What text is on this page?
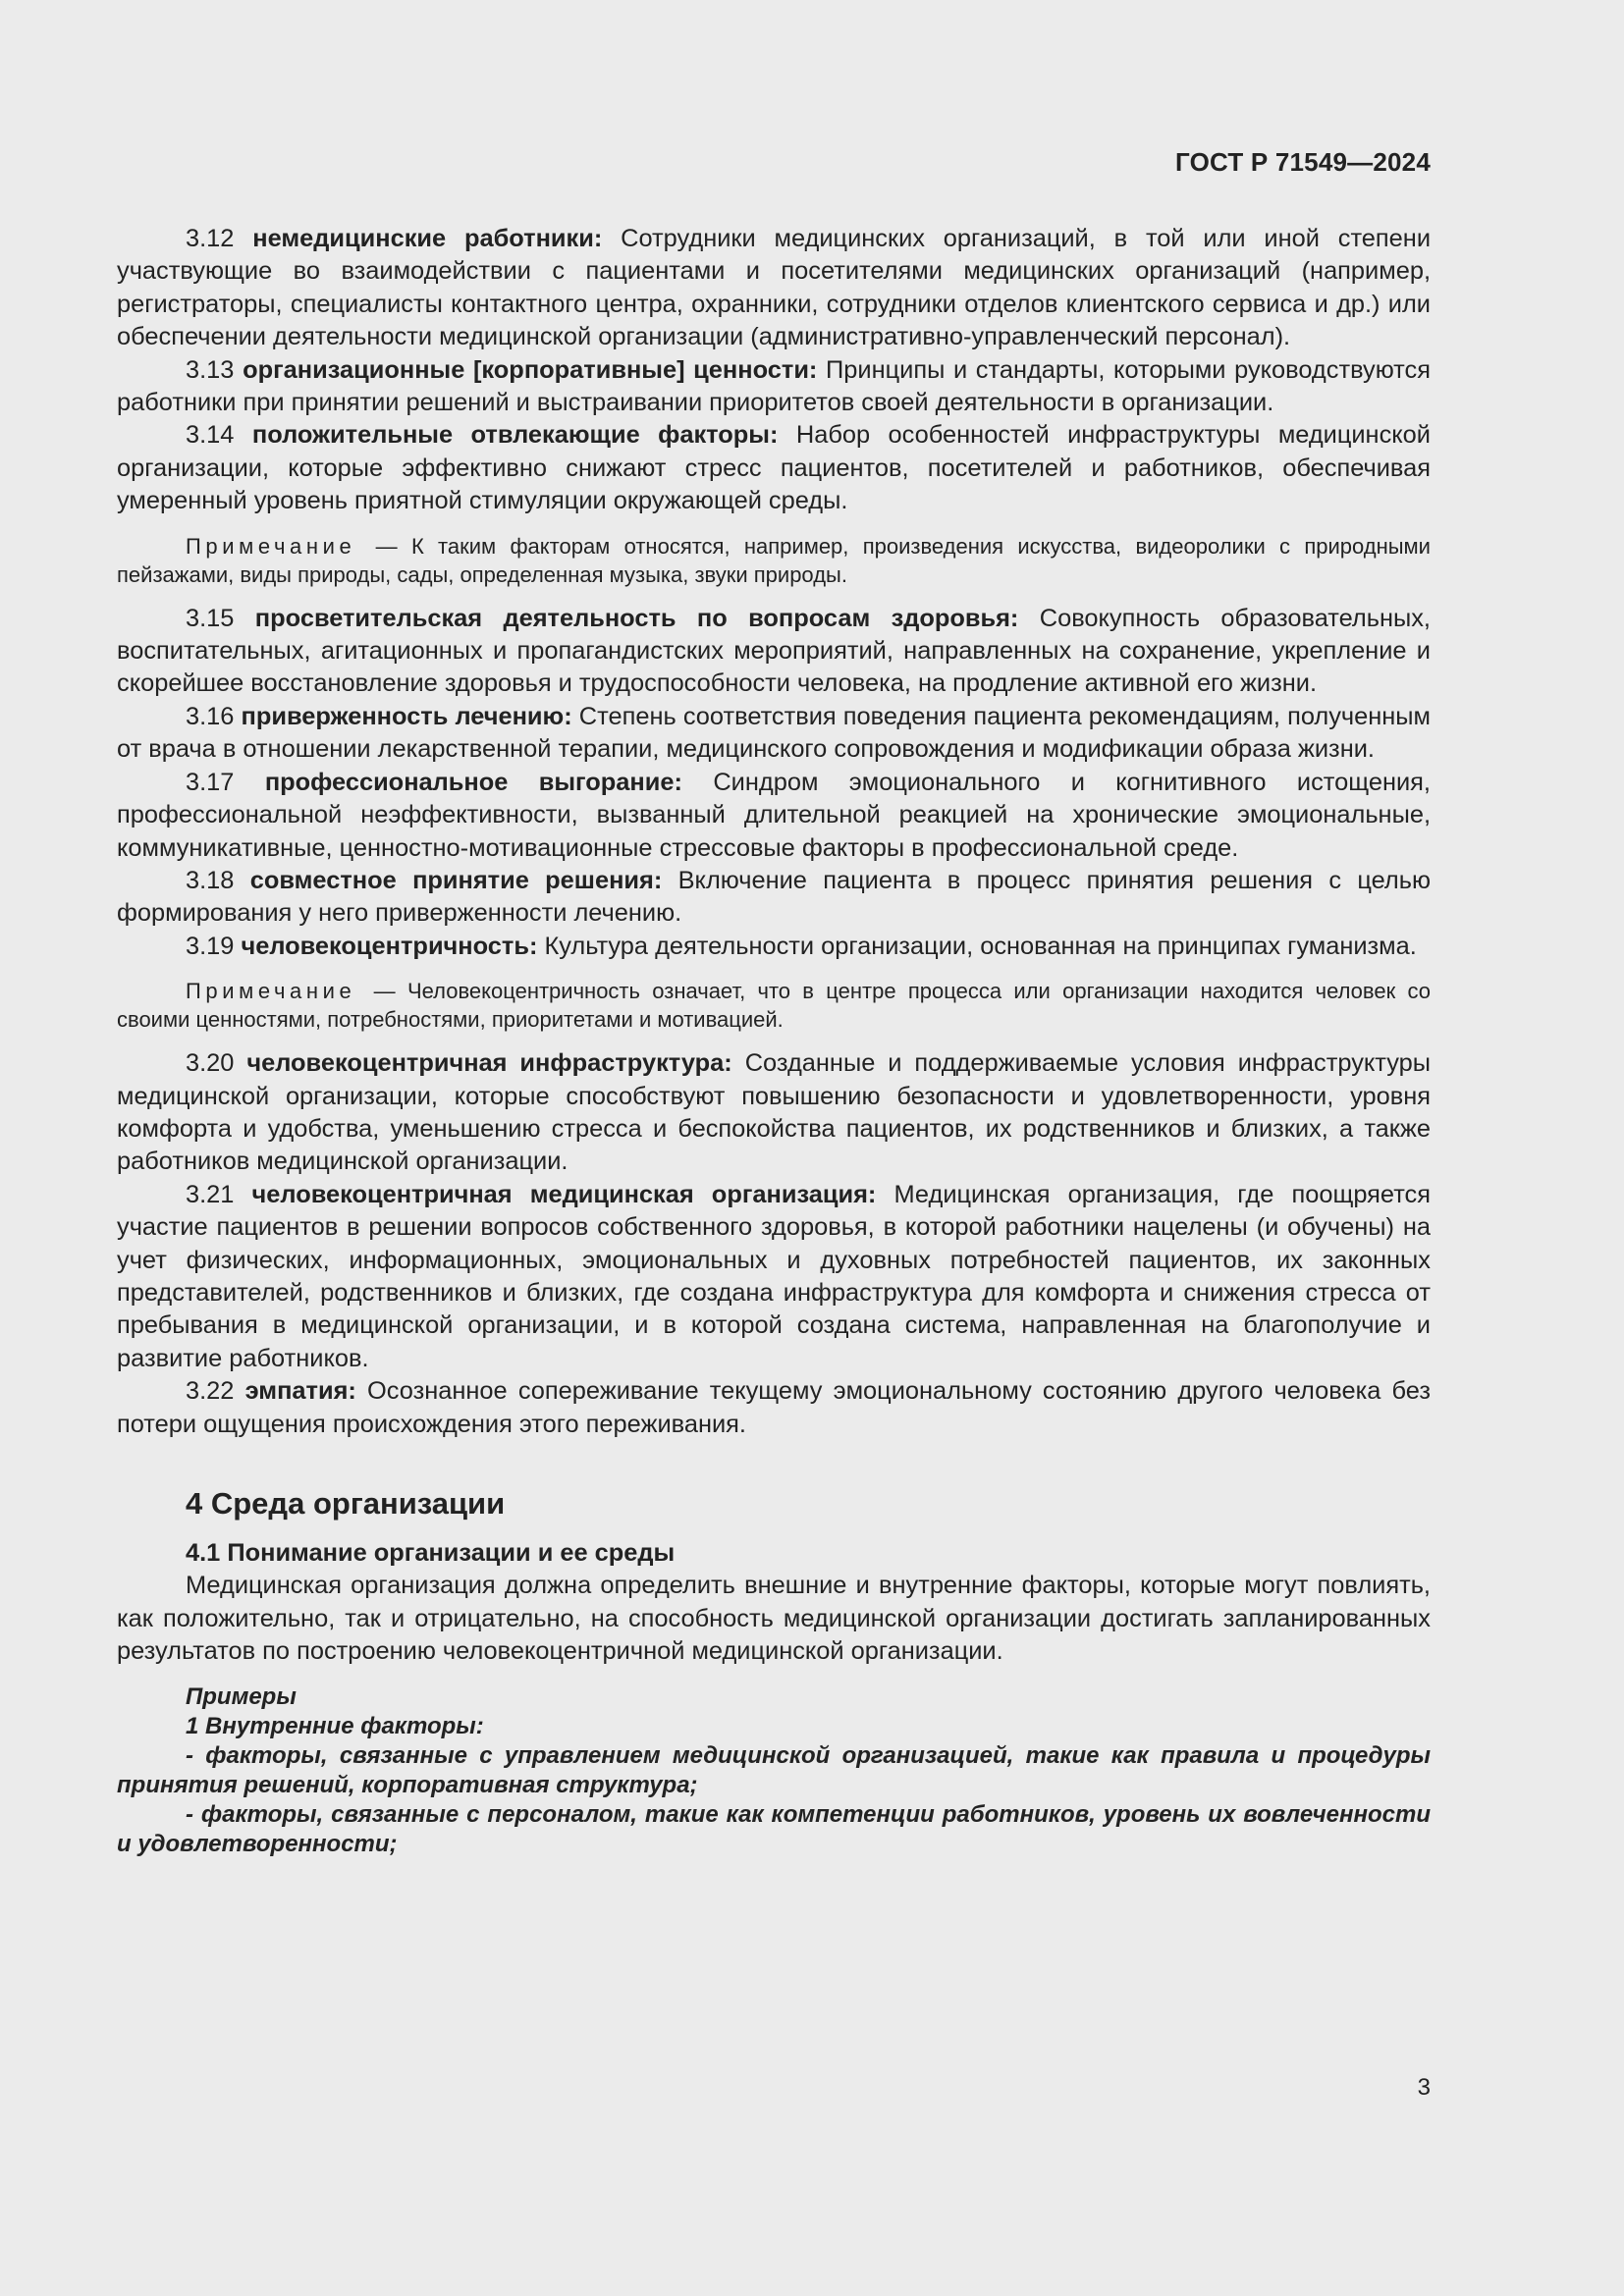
ГОСТ Р 71549—2024

3.12 немедицинские работники: Сотрудники медицинских организаций, в той или иной степени участвующие во взаимодействии с пациентами и посетителями медицинских организаций (например, регистраторы, специалисты контактного центра, охранники, сотрудники отделов клиентского сервиса и др.) или обеспечении деятельности медицинской организации (административно-управленческий персонал).

3.13 организационные [корпоративные] ценности: Принципы и стандарты, которыми руководствуются работники при принятии решений и выстраивании приоритетов своей деятельности в организации.

3.14 положительные отвлекающие факторы: Набор особенностей инфраструктуры медицинской организации, которые эффективно снижают стресс пациентов, посетителей и работников, обеспечивая умеренный уровень приятной стимуляции окружающей среды.

Примечание — К таким факторам относятся, например, произведения искусства, видеоролики с природными пейзажами, виды природы, сады, определенная музыка, звуки природы.

3.15 просветительская деятельность по вопросам здоровья: Совокупность образовательных, воспитательных, агитационных и пропагандистских мероприятий, направленных на сохранение, укрепление и скорейшее восстановление здоровья и трудоспособности человека, на продление активной его жизни.

3.16 приверженность лечению: Степень соответствия поведения пациента рекомендациям, полученным от врача в отношении лекарственной терапии, медицинского сопровождения и модификации образа жизни.

3.17 профессиональное выгорание: Синдром эмоционального и когнитивного истощения, профессиональной неэффективности, вызванный длительной реакцией на хронические эмоциональные, коммуникативные, ценностно-мотивационные стрессовые факторы в профессиональной среде.

3.18 совместное принятие решения: Включение пациента в процесс принятия решения с целью формирования у него приверженности лечению.

3.19 человекоцентричность: Культура деятельности организации, основанная на принципах гуманизма.

Примечание — Человекоцентричность означает, что в центре процесса или организации находится человек со своими ценностями, потребностями, приоритетами и мотивацией.

3.20 человекоцентричная инфраструктура: Созданные и поддерживаемые условия инфраструктуры медицинской организации, которые способствуют повышению безопасности и удовлетворенности, уровня комфорта и удобства, уменьшению стресса и беспокойства пациентов, их родственников и близких, а также работников медицинской организации.

3.21 человекоцентричная медицинская организация: Медицинская организация, где поощряется участие пациентов в решении вопросов собственного здоровья, в которой работники нацелены (и обучены) на учет физических, информационных, эмоциональных и духовных потребностей пациентов, их законных представителей, родственников и близких, где создана инфраструктура для комфорта и снижения стресса от пребывания в медицинской организации, и в которой создана система, направленная на благополучие и развитие работников.

3.22 эмпатия: Осознанное сопереживание текущему эмоциональному состоянию другого человека без потери ощущения происхождения этого переживания.

4 Среда организации
4.1 Понимание организации и ее среды

Медицинская организация должна определить внешние и внутренние факторы, которые могут повлиять, как положительно, так и отрицательно, на способность медицинской организации достигать запланированных результатов по построению человекоцентричной медицинской организации.

Примеры

1 Внутренние факторы:

- факторы, связанные с управлением медицинской организацией, такие как правила и процедуры принятия решений, корпоративная структура;

- факторы, связанные с персоналом, такие как компетенции работников, уровень их вовлеченности и удовлетворенности;

3
